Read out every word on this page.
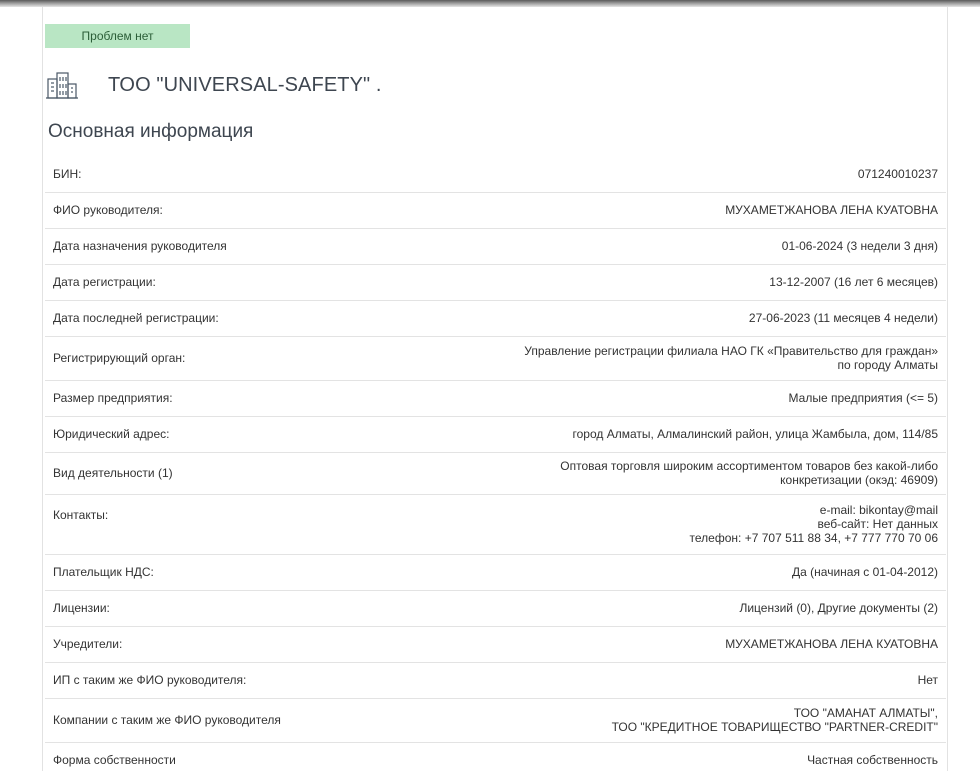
Проблем нет
ТОО "UNIVERSAL-SAFETY" .
Основная информация
БИН:	071240010237

ФИО руководителя:	МУХАМЕТЖАНОВА ЛЕНА КУАТОВНА

Дата назначения руководителя	01-06-2024 (3 недели 3 дня)

Дата регистрации:	13-12-2007 (16 лет 6 месяцев)

Дата последней регистрации:	27-06-2023 (11 месяцев 4 недели)

Регистрирующий орган:	Управление регистрации филиала НАО ГК «Правительство для граждан»
по городу Алматы

Размер предприятия:	Малые предприятия (<= 5)

Юридический адрес:	город Алматы, Алмалинский район, улица Жамбыла, дом, 114/85

Вид деятельности (1)	Оптовая торговля широким ассортиментом товаров без какой-либо
конкретизации (окэд: 46909)

Контакты:	e-mail: bikontay@mail
веб-сайт: Нет данных
телефон: +7 707 511 88 34, +7 777 770 70 06

Плательщик НДС:	Да (начиная с 01-04-2012)

Лицензии:	Лицензий (0), Другие документы (2)

Учредители:	МУХАМЕТЖАНОВА ЛЕНА КУАТОВНА

ИП с таким же ФИО руководителя:	Нет

Компании с таким же ФИО руководителя	ТОО "АМАНАТ АЛМАТЫ",
ТОО "КРЕДИТНОЕ ТОВАРИЩЕСТВО "PARTNER-CREDIT"

Форма собственности	Частная собственность
